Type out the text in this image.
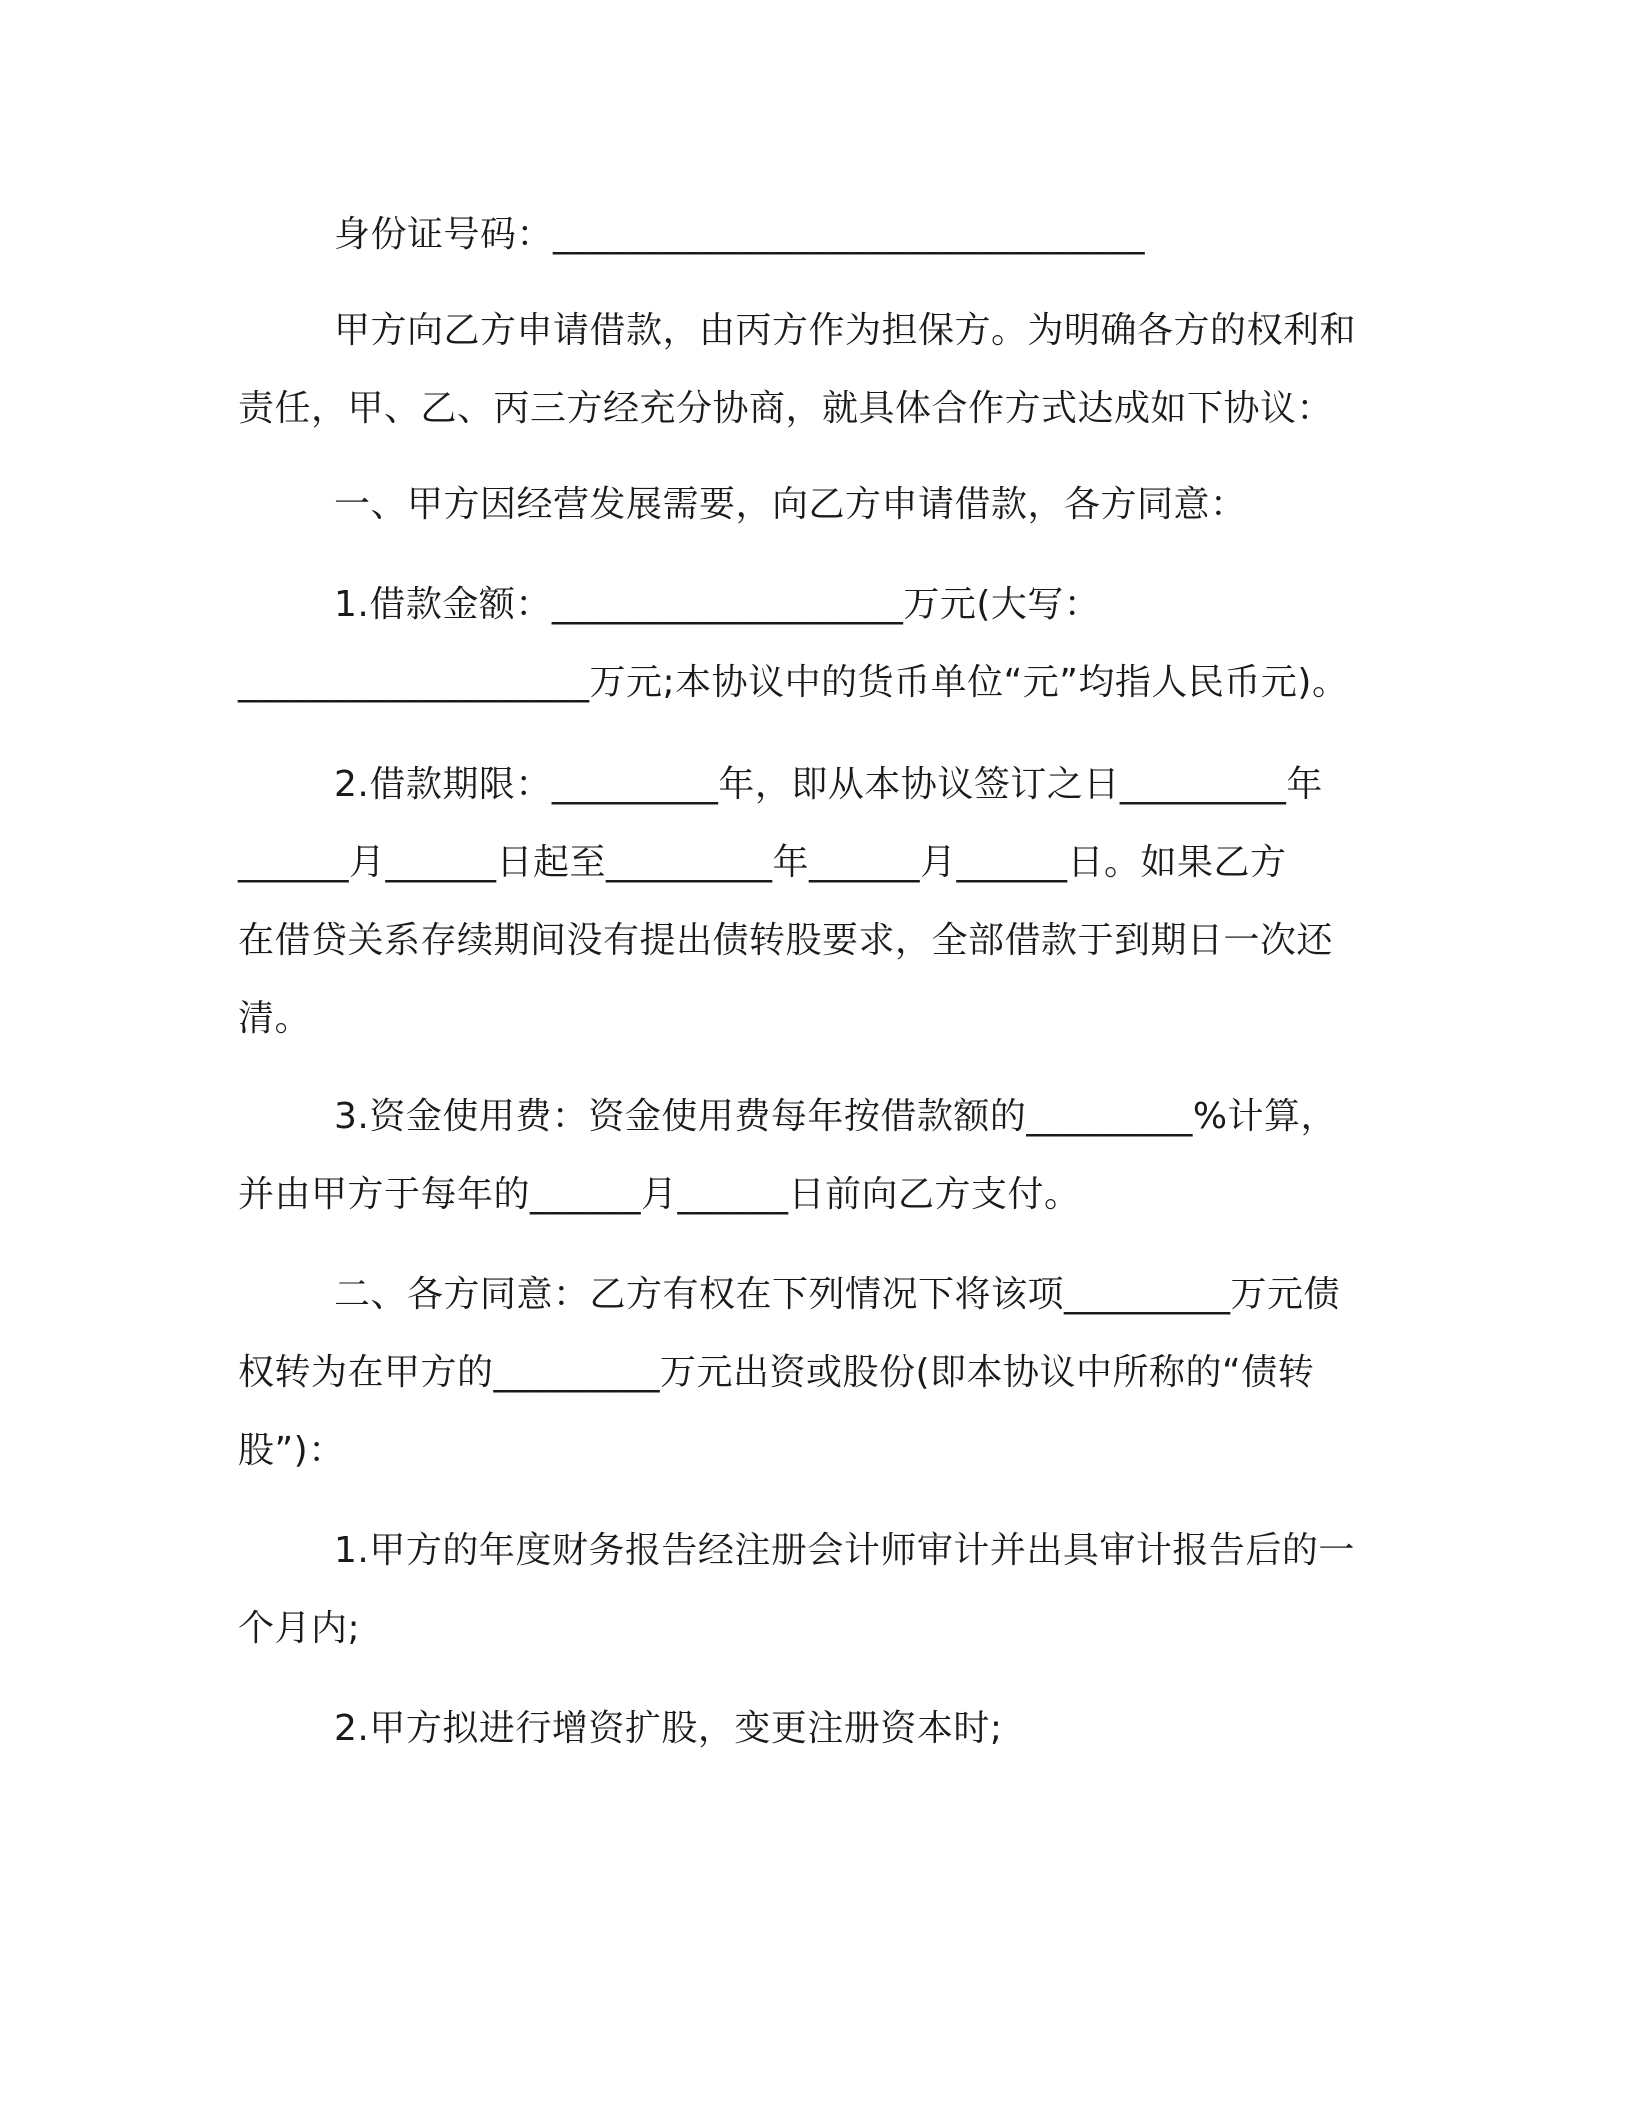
身份证号码：________________________________

甲方向乙方申请借款，由丙方作为担保方。为明确各方的权利和
责任，甲、乙、丙三方经充分协商，就具体合作方式达成如下协议：

一、甲方因经营发展需要，向乙方申请借款，各方同意：

1.借款金额：___________________万元(大写：
___________________万元;本协议中的货币单位“元”均指人民币元)。

2.借款期限：_________年，即从本协议签订之日_________年
______月______日起至_________年______月______日。如果乙方
在借贷关系存续期间没有提出债转股要求，全部借款于到期日一次还
清。

3.资金使用费：资金使用费每年按借款额的_________%计算，
并由甲方于每年的______月______日前向乙方支付。

二、各方同意：乙方有权在下列情况下将该项_________万元债
权转为在甲方的_________万元出资或股份(即本协议中所称的“债转
股”)：

1.甲方的年度财务报告经注册会计师审计并出具审计报告后的一
个月内;

2.甲方拟进行增资扩股，变更注册资本时;
